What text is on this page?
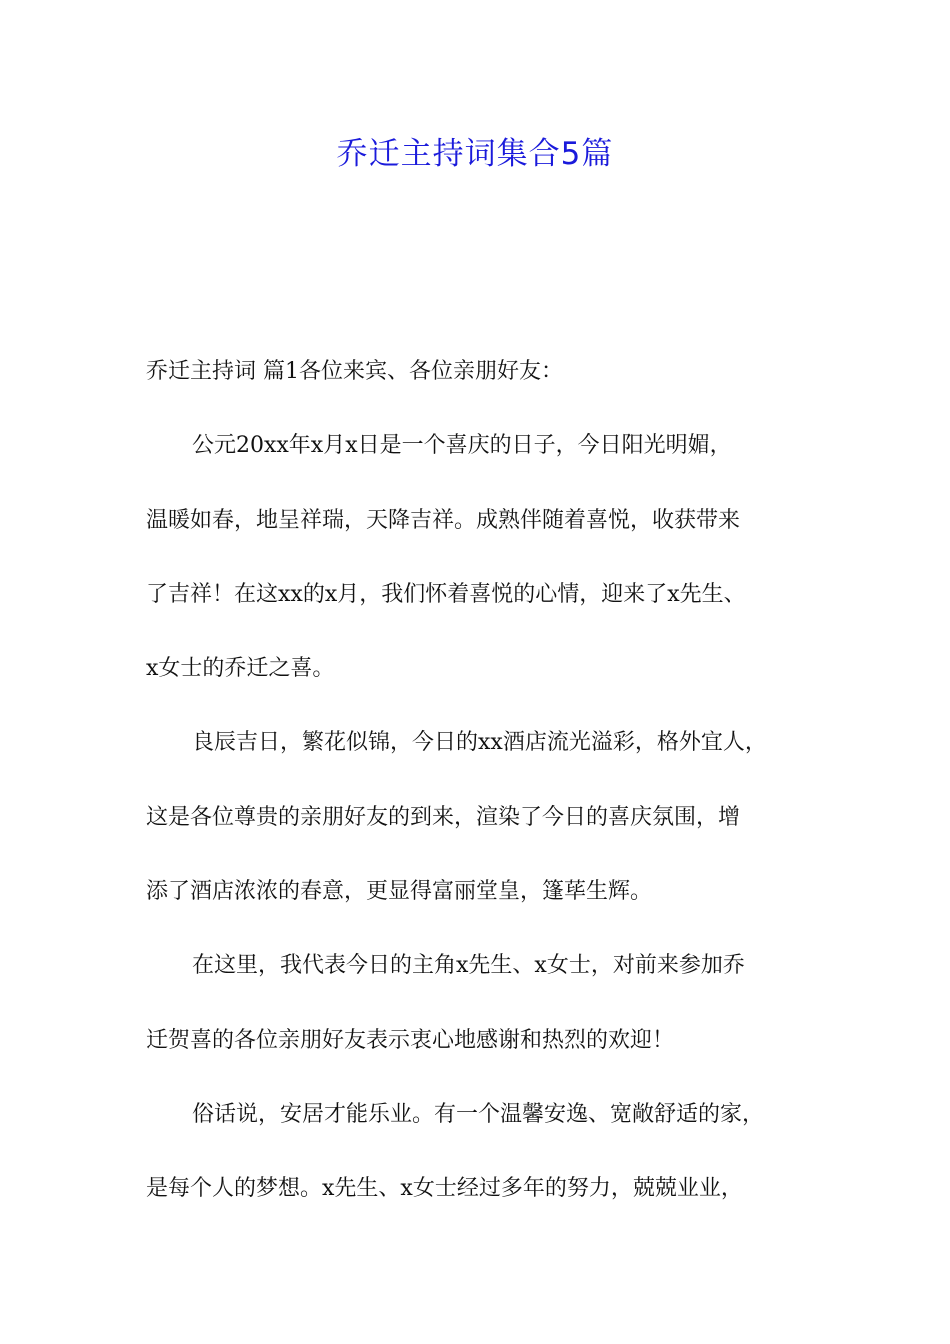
乔迁主持词集合5篇
乔迁主持词 篇1各位来宾、各位亲朋好友：
公元20xx年x月x日是一个喜庆的日子，今日阳光明媚，
温暖如春，地呈祥瑞，天降吉祥。成熟伴随着喜悦，收获带来
了吉祥！在这xx的x月，我们怀着喜悦的心情，迎来了x先生、
x女士的乔迁之喜。
良辰吉日，繁花似锦，今日的xx酒店流光溢彩，格外宜人，
这是各位尊贵的亲朋好友的到来，渲染了今日的喜庆氛围，增
添了酒店浓浓的春意，更显得富丽堂皇，篷荜生辉。
在这里，我代表今日的主角x先生、x女士，对前来参加乔
迁贺喜的各位亲朋好友表示衷心地感谢和热烈的欢迎！
俗话说，安居才能乐业。有一个温馨安逸、宽敞舒适的家，
是每个人的梦想。x先生、x女士经过多年的努力，兢兢业业，
